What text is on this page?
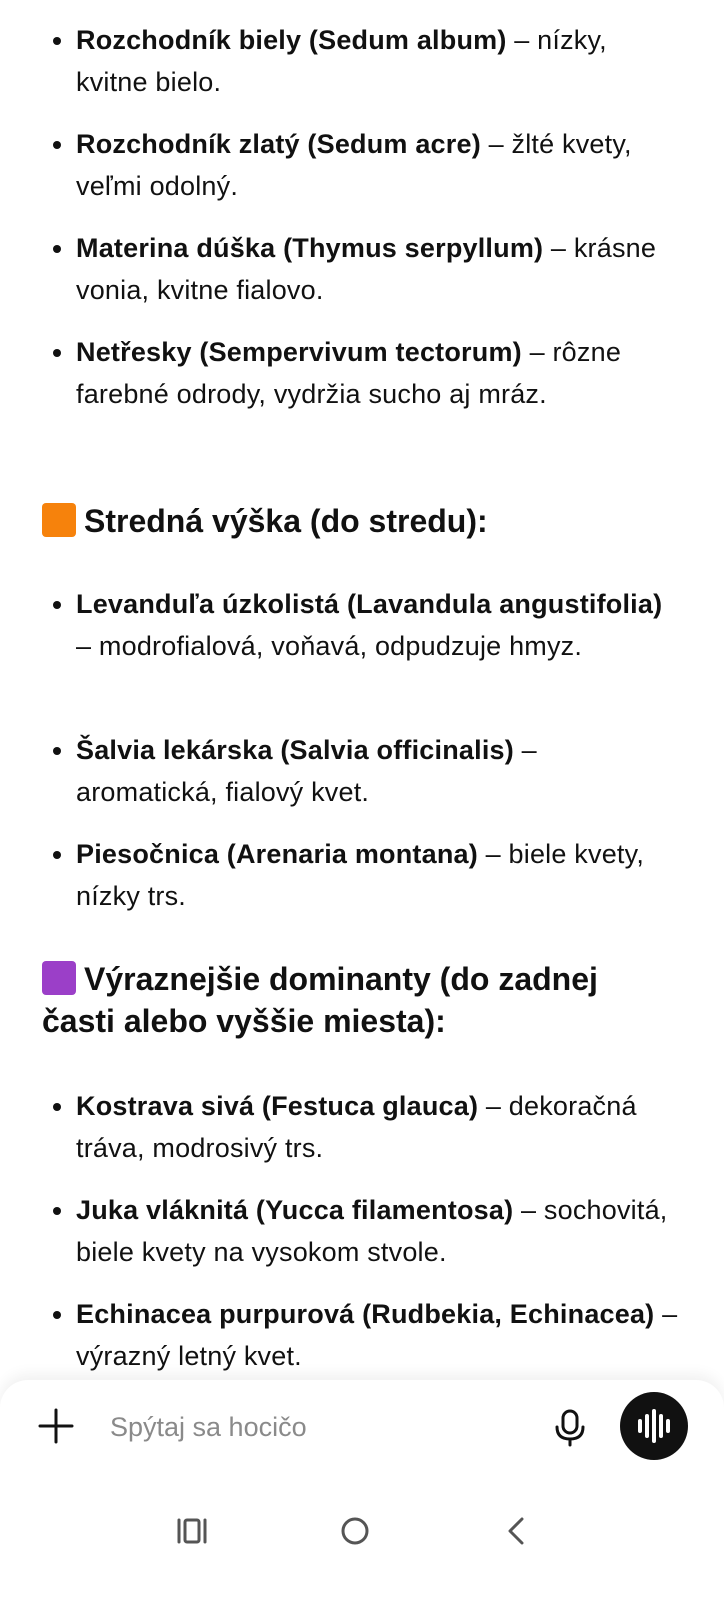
Rozchodník biely (Sedum album) – nízky, kvitne bielo.
Rozchodník zlatý (Sedum acre) – žlté kvety, veľmi odolný.
Materina dúška (Thymus serpyllum) – krásne vonia, kvitne fialovo.
Netřesky (Sempervivum tectorum) – rôzne farebné odrody, vydržia sucho aj mráz.
Stredná výška (do stredu):
Levanduľa úzkolistá (Lavandula angustifolia) – modrofialová, voňavá, odpudzuje hmyz.
Šalvia lekárska (Salvia officinalis) – aromatická, fialový kvet.
Piesočnica (Arenaria montana) – biele kvety, nízky trs.
Výraznejšie dominanty (do zadnej časti alebo vyššie miesta):
Kostrava sivá (Festuca glauca) – dekoračná tráva, modrosivý trs.
Juka vláknitá (Yucca filamentosa) – sochovitá, biele kvety na vysokom stvole.
Echinacea purpurová (Rudbekia, Echinacea) – výrazný letný kvet.
Spýtaj sa hocičo
